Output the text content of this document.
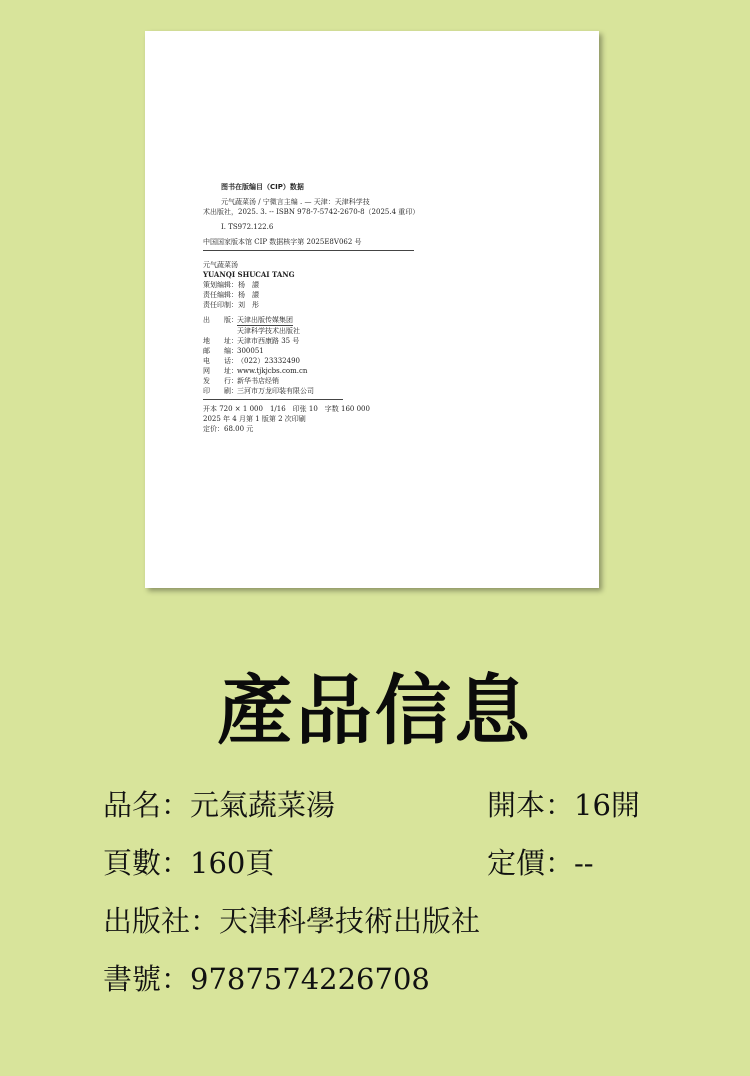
图书在版编目（CIP）数据
元气蔬菜汤 / 宁微言主编 . — 天津：天津科学技
术出版社，2025. 3. -- ISBN 978-7-5742-2670-8（2025.4 重印）
Ⅰ. TS972.122.6
中国国家版本馆 CIP 数据核字第 2025E8V062 号
元气蔬菜汤
YUANQI SHUCAI TANG
策划编辑：杨　譞
责任编辑：杨　譞
责任印制：刘　彤
出　　版：天津出版传媒集团
天津科学技术出版社
地　　址：天津市西康路 35 号
邮　　编：300051
电　　话：（022）23332490
网　　址：www.tjkjcbs.com.cn
发　　行：新华书店经销
印　　刷：三河市万龙印装有限公司
开本 720 × 1 000　1/16　印张 10　字数 160 000
2025 年 4 月第 1 版第 2 次印刷
定价：68.00 元
產品信息
品名：元氣蔬菜湯	開本：16開
頁數：160頁	定價：--
出版社：天津科學技術出版社
書號：9787574226708
